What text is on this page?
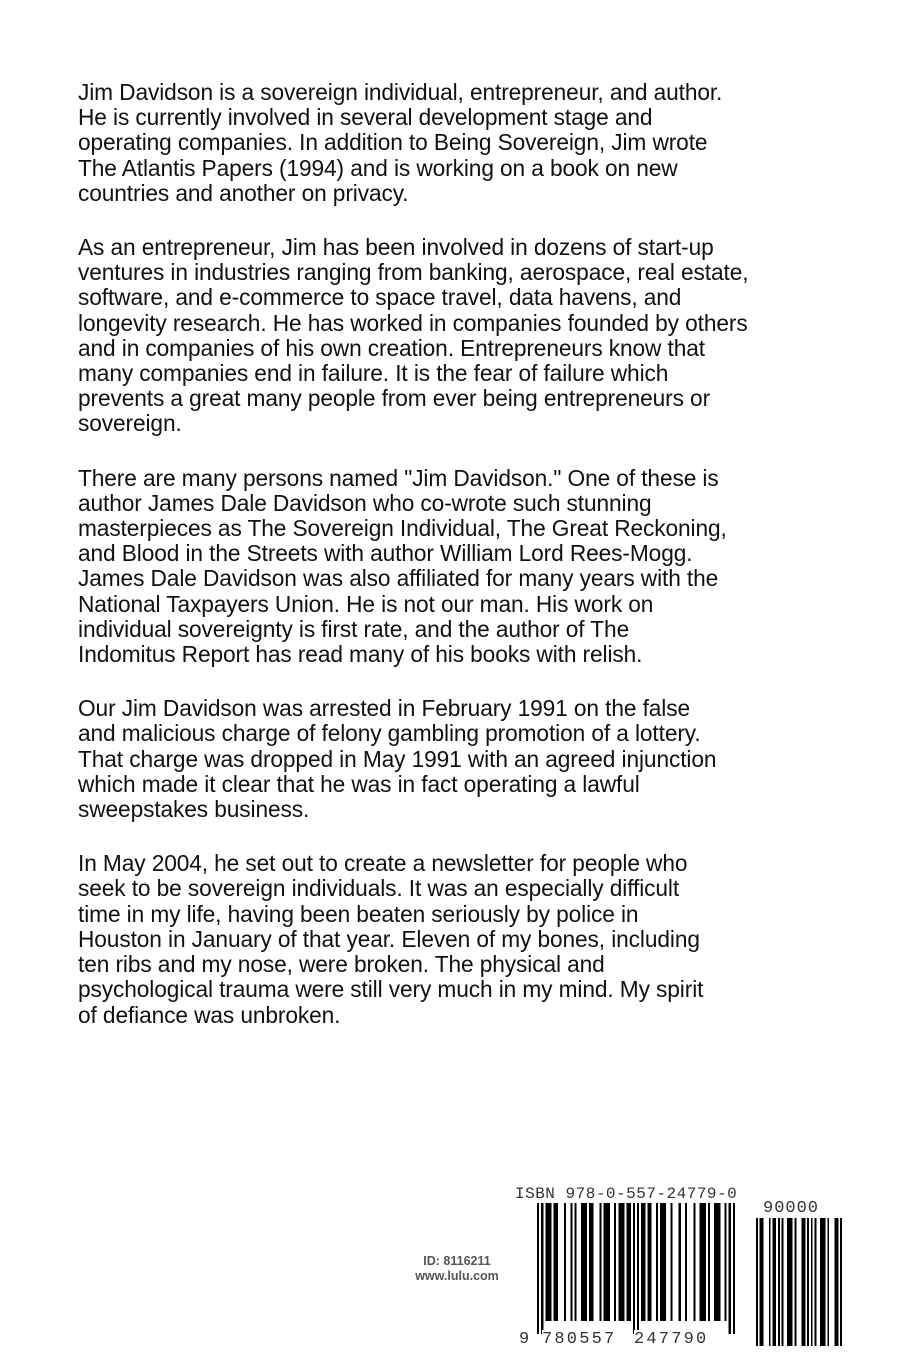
Jim Davidson is a sovereign individual, entrepreneur, and author.
He is currently involved in several development stage and
operating companies. In addition to Being Sovereign, Jim wrote
The Atlantis Papers (1994) and is working on a book on new
countries and another on privacy.

As an entrepreneur, Jim has been involved in dozens of start-up
ventures in industries ranging from banking, aerospace, real estate,
software, and e-commerce to space travel, data havens, and
longevity research. He has worked in companies founded by others
and in companies of his own creation. Entrepreneurs know that
many companies end in failure. It is the fear of failure which
prevents a great many people from ever being entrepreneurs or
sovereign.

There are many persons named "Jim Davidson." One of these is
author James Dale Davidson who co-wrote such stunning
masterpieces as The Sovereign Individual, The Great Reckoning,
and Blood in the Streets with author William Lord Rees-Mogg.
James Dale Davidson was also affiliated for many years with the
National Taxpayers Union. He is not our man. His work on
individual sovereignty is first rate, and the author of The
Indomitus Report has read many of his books with relish.

Our Jim Davidson was arrested in February 1991 on the false
and malicious charge of felony gambling promotion of a lottery.
That charge was dropped in May 1991 with an agreed injunction
which made it clear that he was in fact operating a lawful
sweepstakes business.

In May 2004, he set out to create a newsletter for people who
seek to be sovereign individuals. It was an especially difficult
time in my life, having been beaten seriously by police in
Houston in January of that year. Eleven of my bones, including
ten ribs and my nose, were broken. The physical and
psychological trauma were still very much in my mind. My spirit
of defiance was unbroken.

ID: 8116211
www.lulu.com
ISBN 978-0-557-24779-0
90000
9 780557 247790
